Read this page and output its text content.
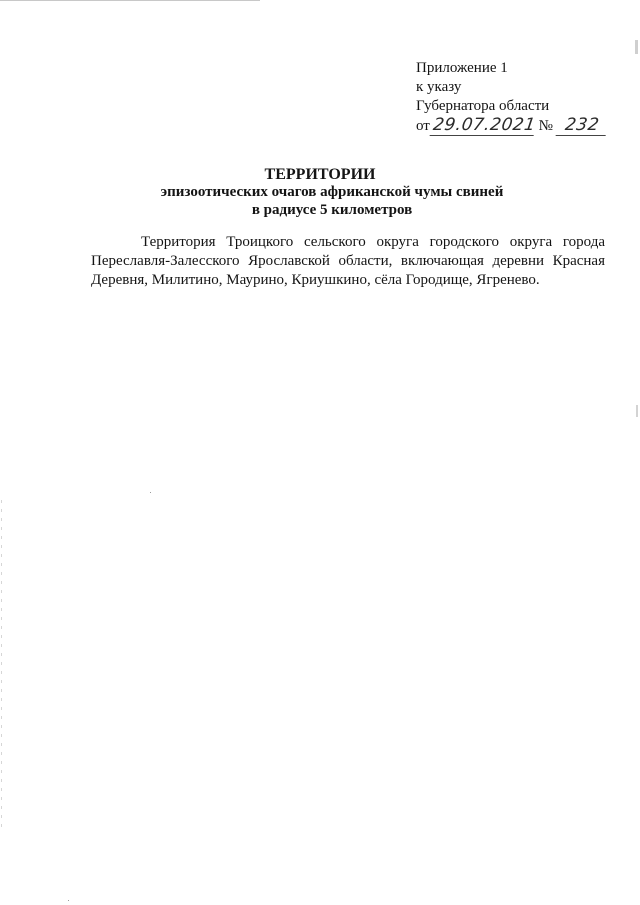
Приложение 1
к указу
Губернатора области
от 29.07.2021 № 232
ТЕРРИТОРИИ
эпизоотических очагов африканской чумы свиней
в радиусе 5 километров

Территория Троицкого сельского округа городского округа города Переславля-Залесского Ярославской области, включающая деревни Красная Деревня, Милитино, Маурино, Криушкино, сёла Городище, Ягренево.
